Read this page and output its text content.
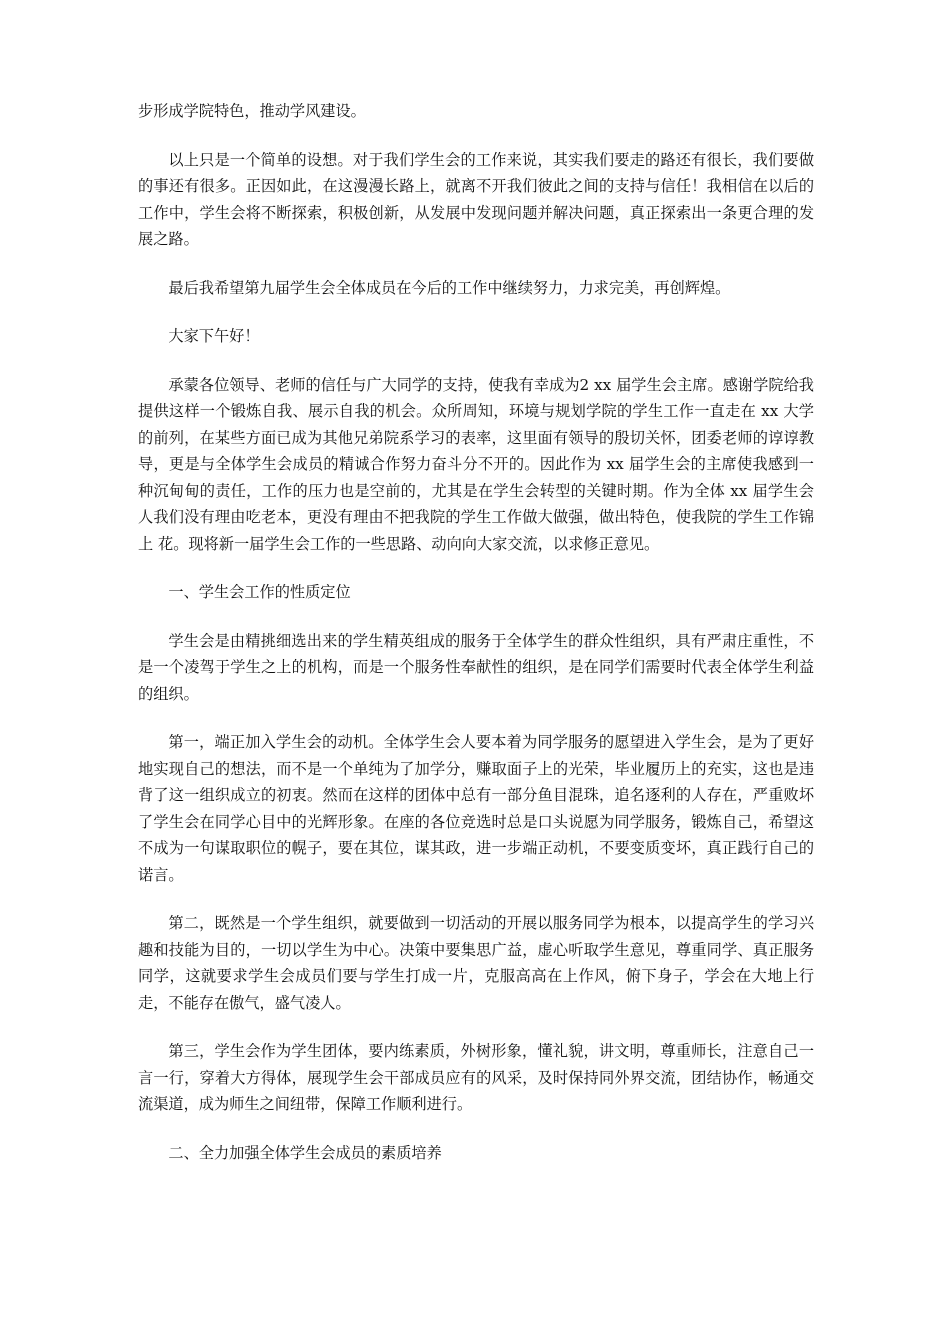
步形成学院特色，推动学风建设。

以上只是一个简单的设想。对于我们学生会的工作来说，其实我们要走的路还有很长，我们要做的事还有很多。正因如此，在这漫漫长路上，就离不开我们彼此之间的支持与信任！我相信在以后的工作中，学生会将不断探索，积极创新，从发展中发现问题并解决问题，真正探索出一条更合理的发展之路。

最后我希望第九届学生会全体成员在今后的工作中继续努力，力求完美，再创辉煌。

大家下午好！

承蒙各位领导、老师的信任与广大同学的支持，使我有幸成为2 xx 届学生会主席。感谢学院给我提供这样一个锻炼自我、展示自我的机会。众所周知，环境与规划学院的学生工作一直走在 xx 大学的前列，在某些方面已成为其他兄弟院系学习的表率，这里面有领导的殷切关怀，团委老师的谆谆教导，更是与全体学生会成员的精诚合作努力奋斗分不开的。因此作为 xx 届学生会的主席使我感到一种沉甸甸的责任，工作的压力也是空前的，尤其是在学生会转型的关键时期。作为全体 xx 届学生会人我们没有理由吃老本，更没有理由不把我院的学生工作做大做强，做出特色，使我院的学生工作锦上 花。现将新一届学生会工作的一些思路、动向向大家交流，以求修正意见。

一、学生会工作的性质定位

学生会是由精挑细选出来的学生精英组成的服务于全体学生的群众性组织，具有严肃庄重性，不是一个凌驾于学生之上的机构，而是一个服务性奉献性的组织，是在同学们需要时代表全体学生利益的组织。

第一，端正加入学生会的动机。全体学生会人要本着为同学服务的愿望进入学生会，是为了更好地实现自己的想法，而不是一个单纯为了加学分，赚取面子上的光荣，毕业履历上的充实，这也是违背了这一组织成立的初衷。然而在这样的团体中总有一部分鱼目混珠，追名逐利的人存在，严重败坏了学生会在同学心目中的光辉形象。在座的各位竞选时总是口头说愿为同学服务，锻炼自己，希望这不成为一句谋取职位的幌子，要在其位，谋其政，进一步端正动机，不要变质变坏，真正践行自己的诺言。

第二，既然是一个学生组织，就要做到一切活动的开展以服务同学为根本，以提高学生的学习兴趣和技能为目的，一切以学生为中心。决策中要集思广益，虚心听取学生意见，尊重同学、真正服务同学，这就要求学生会成员们要与学生打成一片，克服高高在上作风，俯下身子，学会在大地上行走，不能存在傲气，盛气凌人。

第三，学生会作为学生团体，要内练素质，外树形象，懂礼貌，讲文明，尊重师长，注意自己一言一行，穿着大方得体，展现学生会干部成员应有的风采，及时保持同外界交流，团结协作，畅通交流渠道，成为师生之间纽带，保障工作顺利进行。

二、全力加强全体学生会成员的素质培养
